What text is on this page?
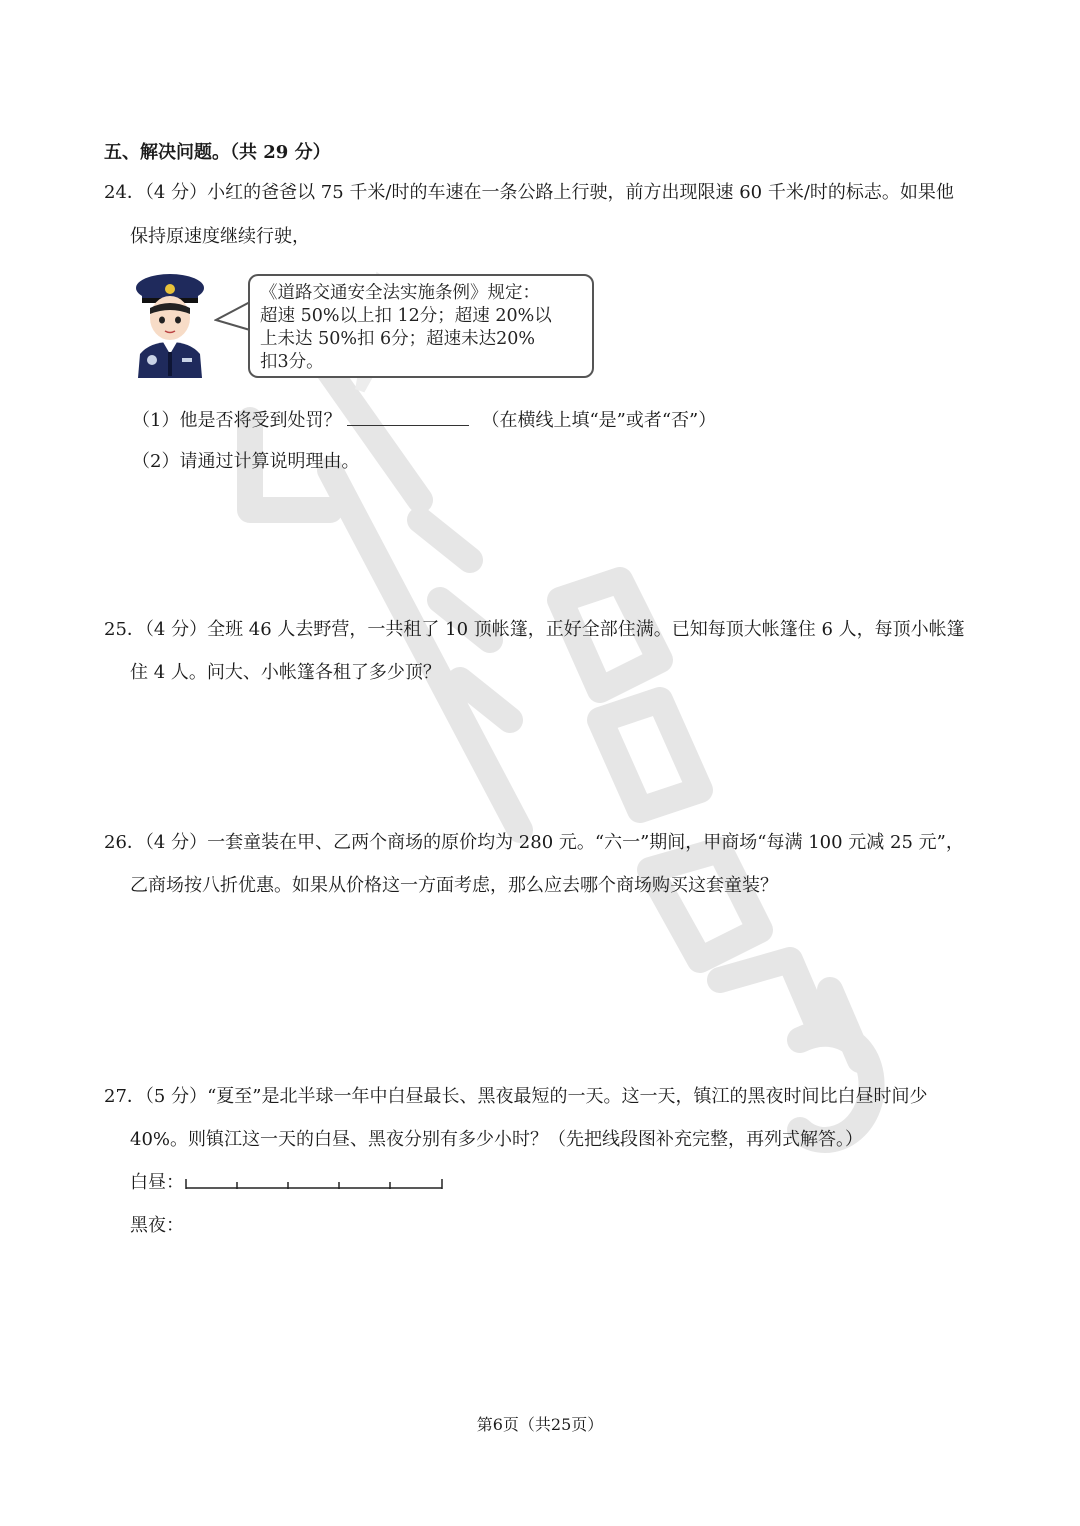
五、解决问题。（共 29 分）
24．（4 分）小红的爸爸以 75 千米/时的车速在一条公路上行驶，前方出现限速 60 千米/时的标志。如果他
保持原速度继续行驶，
《道路交通安全法实施条例》规定：
超速 50%以上扣 12分；超速 20%以
上未达 50%扣 6分；超速未达20%
扣3分。
（1）他是否将受到处罚？	（在横线上填“是”或者“否”）
（2）请通过计算说明理由。
25．（4 分）全班 46 人去野营，一共租了 10 顶帐篷，正好全部住满。已知每顶大帐篷住 6 人，每顶小帐篷
住 4 人。问大、小帐篷各租了多少顶？
26．（4 分）一套童装在甲、乙两个商场的原价均为 280 元。“六一”期间，甲商场“每满 100 元减 25 元”，
乙商场按八折优惠。如果从价格这一方面考虑，那么应去哪个商场购买这套童装？
27．（5 分）“夏至”是北半球一年中白昼最长、黑夜最短的一天。这一天，镇江的黑夜时间比白昼时间少
40%。则镇江这一天的白昼、黑夜分别有多少小时？（先把线段图补充完整，再列式解答。）
白昼：
黑夜：
第6页（共25页）
